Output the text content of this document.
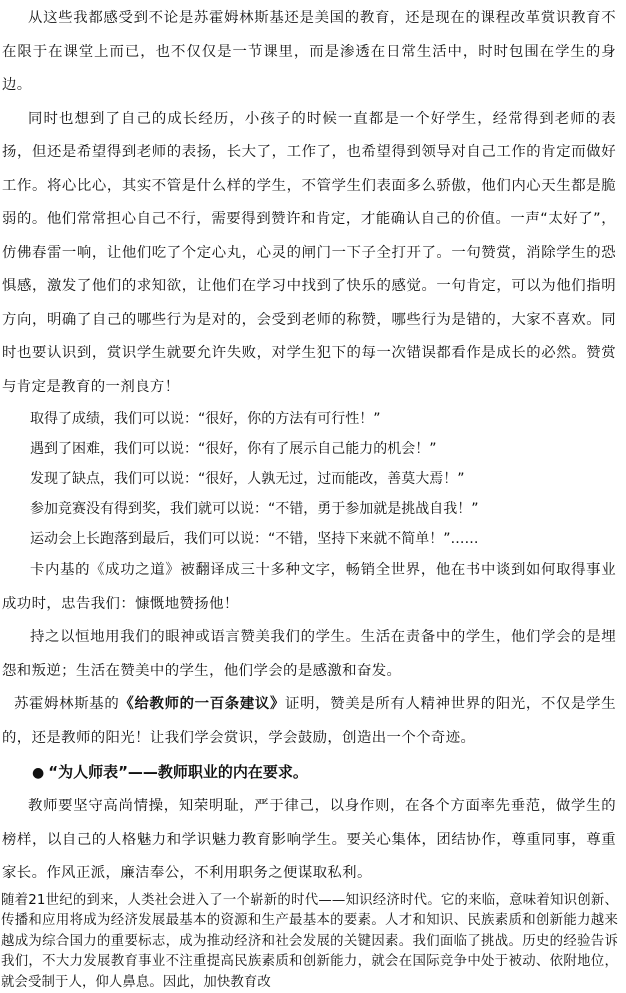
从这些我都感受到不论是苏霍姆林斯基还是美国的教育，还是现在的课程改革赏识教育不在限于在课堂上而已，也不仅仅是一节课里，而是渗透在日常生活中，时时包围在学生的身边。

同时也想到了自己的成长经历，小孩子的时候一直都是一个好学生，经常得到老师的表扬，但还是希望得到老师的表扬，长大了，工作了，也希望得到领导对自己工作的肯定而做好工作。将心比心，其实不管是什么样的学生，不管学生们表面多么骄傲，他们内心天生都是脆弱的。他们常常担心自己不行，需要得到赞许和肯定，才能确认自己的价值。一声“太好了”，仿佛春雷一响，让他们吃了个定心丸，心灵的闸门一下子全打开了。一句赞赏，消除学生的恐惧感，激发了他们的求知欲，让他们在学习中找到了快乐的感觉。一句肯定，可以为他们指明方向，明确了自己的哪些行为是对的，会受到老师的称赞，哪些行为是错的，大家不喜欢。同时也要认识到，赏识学生就要允许失败，对学生犯下的每一次错误都看作是成长的必然。赞赏与肯定是教育的一剂良方！

取得了成绩，我们可以说：“很好，你的方法有可行性！”
遇到了困难，我们可以说：“很好，你有了展示自己能力的机会！”
发现了缺点，我们可以说：“很好，人孰无过，过而能改，善莫大焉！”
参加竞赛没有得到奖，我们就可以说：“不错，勇于参加就是挑战自我！”
运动会上长跑落到最后，我们可以说：“不错，坚持下来就不简单！”……

卡内基的《成功之道》被翻译成三十多种文字，畅销全世界，他在书中谈到如何取得事业成功时，忠告我们：慷慨地赞扬他！

持之以恒地用我们的眼神或语言赞美我们的学生。生活在责备中的学生，他们学会的是埋怨和叛逆；生活在赞美中的学生，他们学会的是感激和奋发。

苏霍姆林斯基的《给教师的一百条建议》证明，赞美是所有人精神世界的阳光，不仅是学生的，还是教师的阳光！让我们学会赏识，学会鼓励，创造出一个个奇迹。

● “为人师表”——教师职业的内在要求。

教师要坚守高尚情操，知荣明耻，严于律己，以身作则，在各个方面率先垂范，做学生的榜样，以自己的人格魅力和学识魅力教育影响学生。要关心集体，团结协作，尊重同事，尊重家长。作风正派，廉洁奉公，不利用职务之便谋取私利。

随着21世纪的到来，人类社会进入了一个崭新的时代——知识经济时代。它的来临，意味着知识创新、传播和应用将成为经济发展最基本的资源和生产最基本的要素。人才和知识、民族素质和创新能力越来越成为综合国力的重要标志，成为推动经济和社会发展的关键因素。我们面临了挑战。历史的经验告诉我们，不大力发展教育事业不注重提高民族素质和创新能力，就会在国际竞争中处于被动、依附地位，就会受制于人，仰人鼻息。因此，加快教育改
